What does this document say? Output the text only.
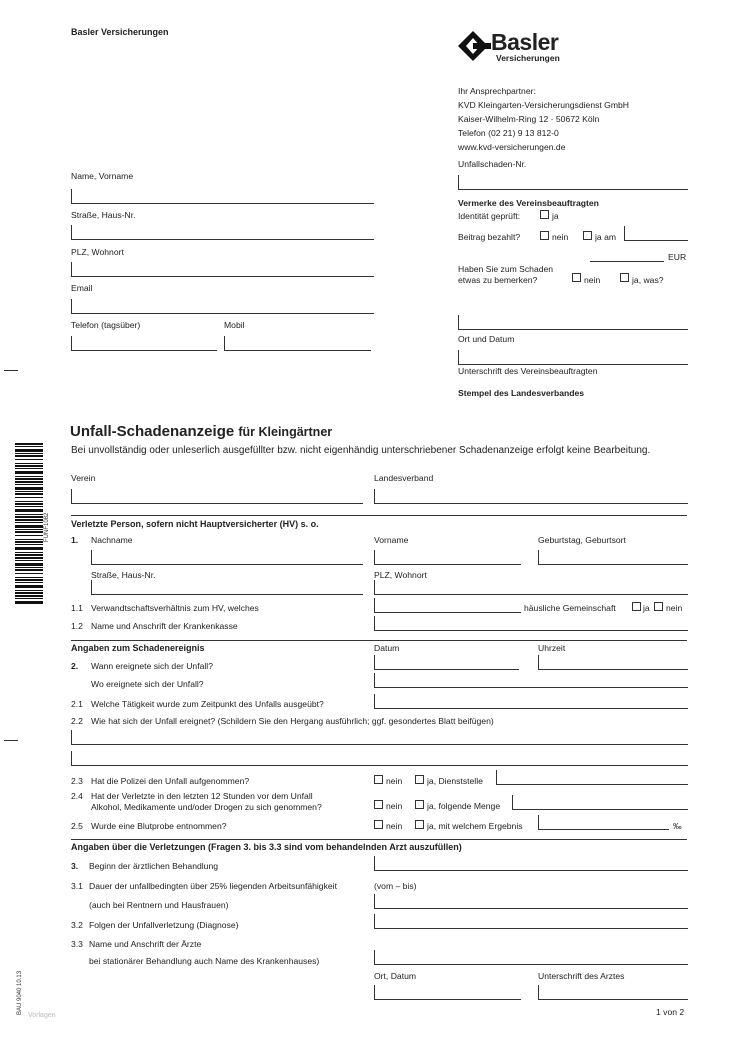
Basler Versicherungen	Basler
Versicherungen
Ihr Ansprechpartner:
KVD Kleingarten-Versicherungsdienst GmbH
Kaiser-Wilhelm-Ring 12 · 50672 Köln
Telefon (02 21) 9 13 812-0
www.kvd-versicherungen.de
Unfallschaden-Nr.
Name, Vorname
Straße, Haus-Nr.
PLZ, Wohnort
Email
Telefon (tagsüber)	Mobil
Vermerke des Vereinsbeauftragten
Identität geprüft:	ja
Beitrag bezahlt?	nein	ja am
EUR
Haben Sie zum Schaden
etwas zu bemerken?	nein	ja, was?
Ort und Datum
Unterschrift des Vereinsbeauftragten
Stempel des Landesverbandes
Unfall-Schadenanzeige für Kleingärtner
Bei unvollständig oder unleserlich ausgefüllter bzw. nicht eigenhändig unterschriebener Schadenanzeige erfolgt keine Bearbeitung.
Verein	Landesverband
Verletzte Person, sofern nicht Hauptversicherter (HV) s. o.
1. Nachname	Vorname	Geburtstag, Geburtsort
Straße, Haus-Nr.	PLZ, Wohnort
1.1 Verwandtschaftsverhältnis zum HV, welches	häusliche Gemeinschaft	ja nein
1.2 Name und Anschrift der Krankenkasse
Angaben zum Schadenereignis	Datum	Uhrzeit
2. Wann ereignete sich der Unfall?
Wo ereignete sich der Unfall?
2.1 Welche Tätigkeit wurde zum Zeitpunkt des Unfalls ausgeübt?
2.2 Wie hat sich der Unfall ereignet? (Schildern Sie den Hergang ausführlich; ggf. gesondertes Blatt beifügen)
2.3 Hat die Polizei den Unfall aufgenommen?	nein	ja, Dienststelle
2.4 Hat der Verletzte in den letzten 12 Stunden vor dem Unfall
Alkohol, Medikamente und/oder Drogen zu sich genommen?	nein	ja, folgende Menge
2.5 Wurde eine Blutprobe entnommen?	nein	ja, mit welchem Ergebnis	‰
Angaben über die Verletzungen (Fragen 3. bis 3.3 sind vom behandelnden Arzt auszufüllen)
3. Beginn der ärztlichen Behandlung
3.1 Dauer der unfallbedingten über 25% liegenden Arbeitsunfähigkeit	(vom – bis)
(auch bei Rentnern und Hausfrauen)
3.2 Folgen der Unfallverletzung (Diagnose)
3.3 Name und Anschrift der Ärzte
bei stationärer Behandlung auch Name des Krankenhauses)
Ort, Datum	Unterschrift des Arztes
1 von 2
FUNF1082
BAU 9040 10.13
Vorlagen
